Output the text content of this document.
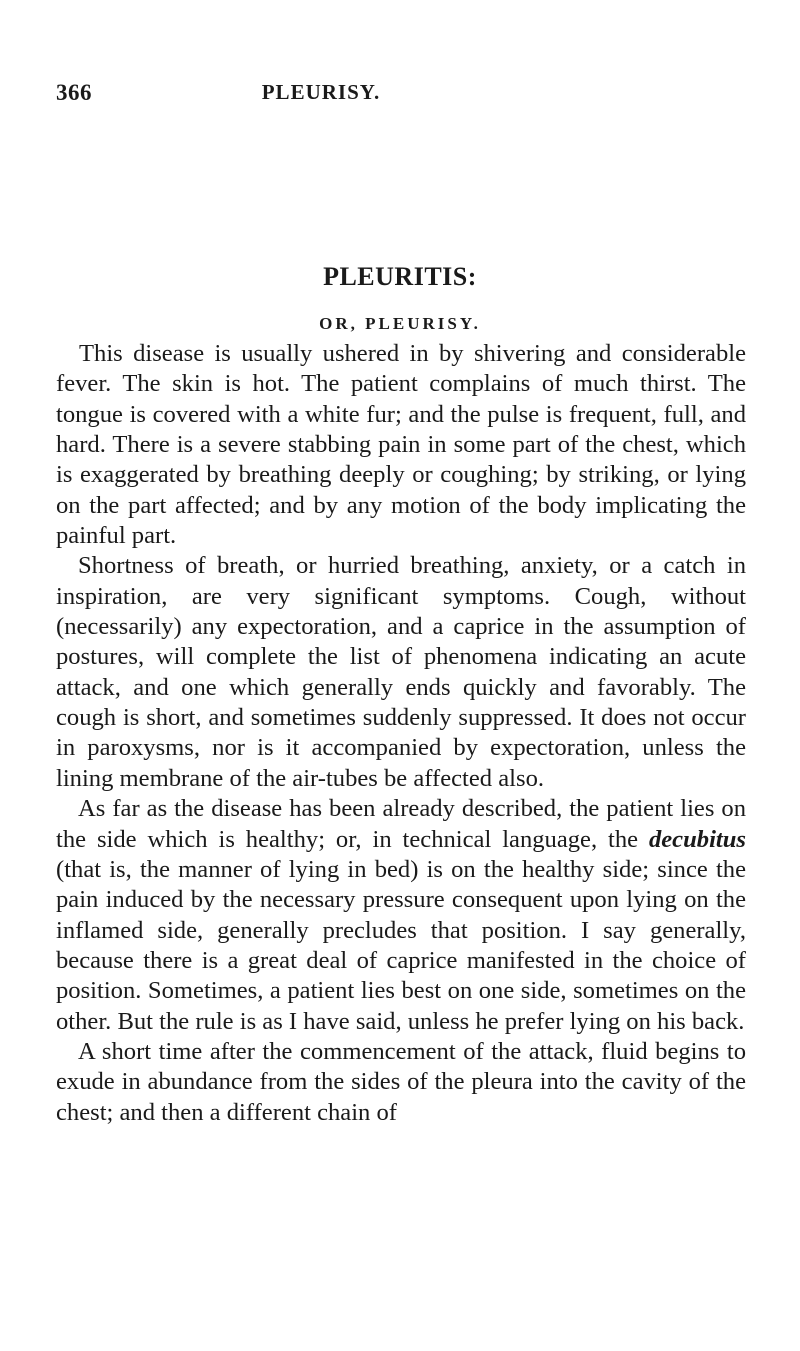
366	PLEURISY.
PLEURITIS:
OR, PLEURISY.

This disease is usually ushered in by shivering and considerable fever. The skin is hot. The patient complains of much thirst. The tongue is covered with a white fur; and the pulse is frequent, full, and hard. There is a severe stabbing pain in some part of the chest, which is exaggerated by breathing deeply or coughing; by striking, or lying on the part affected; and by any motion of the body implicating the painful part.

Shortness of breath, or hurried breathing, anxiety, or a catch in inspiration, are very significant symptoms. Cough, without (necessarily) any expectoration, and a caprice in the assumption of postures, will complete the list of phenomena indicating an acute attack, and one which generally ends quickly and favorably. The cough is short, and sometimes suddenly suppressed. It does not occur in paroxysms, nor is it accompanied by expectoration, unless the lining membrane of the air-tubes be affected also.

As far as the disease has been already described, the patient lies on the side which is healthy; or, in technical language, the decubitus (that is, the manner of lying in bed) is on the healthy side; since the pain induced by the necessary pressure consequent upon lying on the inflamed side, generally precludes that position. I say generally, because there is a great deal of caprice manifested in the choice of position. Sometimes, a patient lies best on one side, sometimes on the other. But the rule is as I have said, unless he prefer lying on his back.

A short time after the commencement of the attack, fluid begins to exude in abundance from the sides of the pleura into the cavity of the chest; and then a different chain of
